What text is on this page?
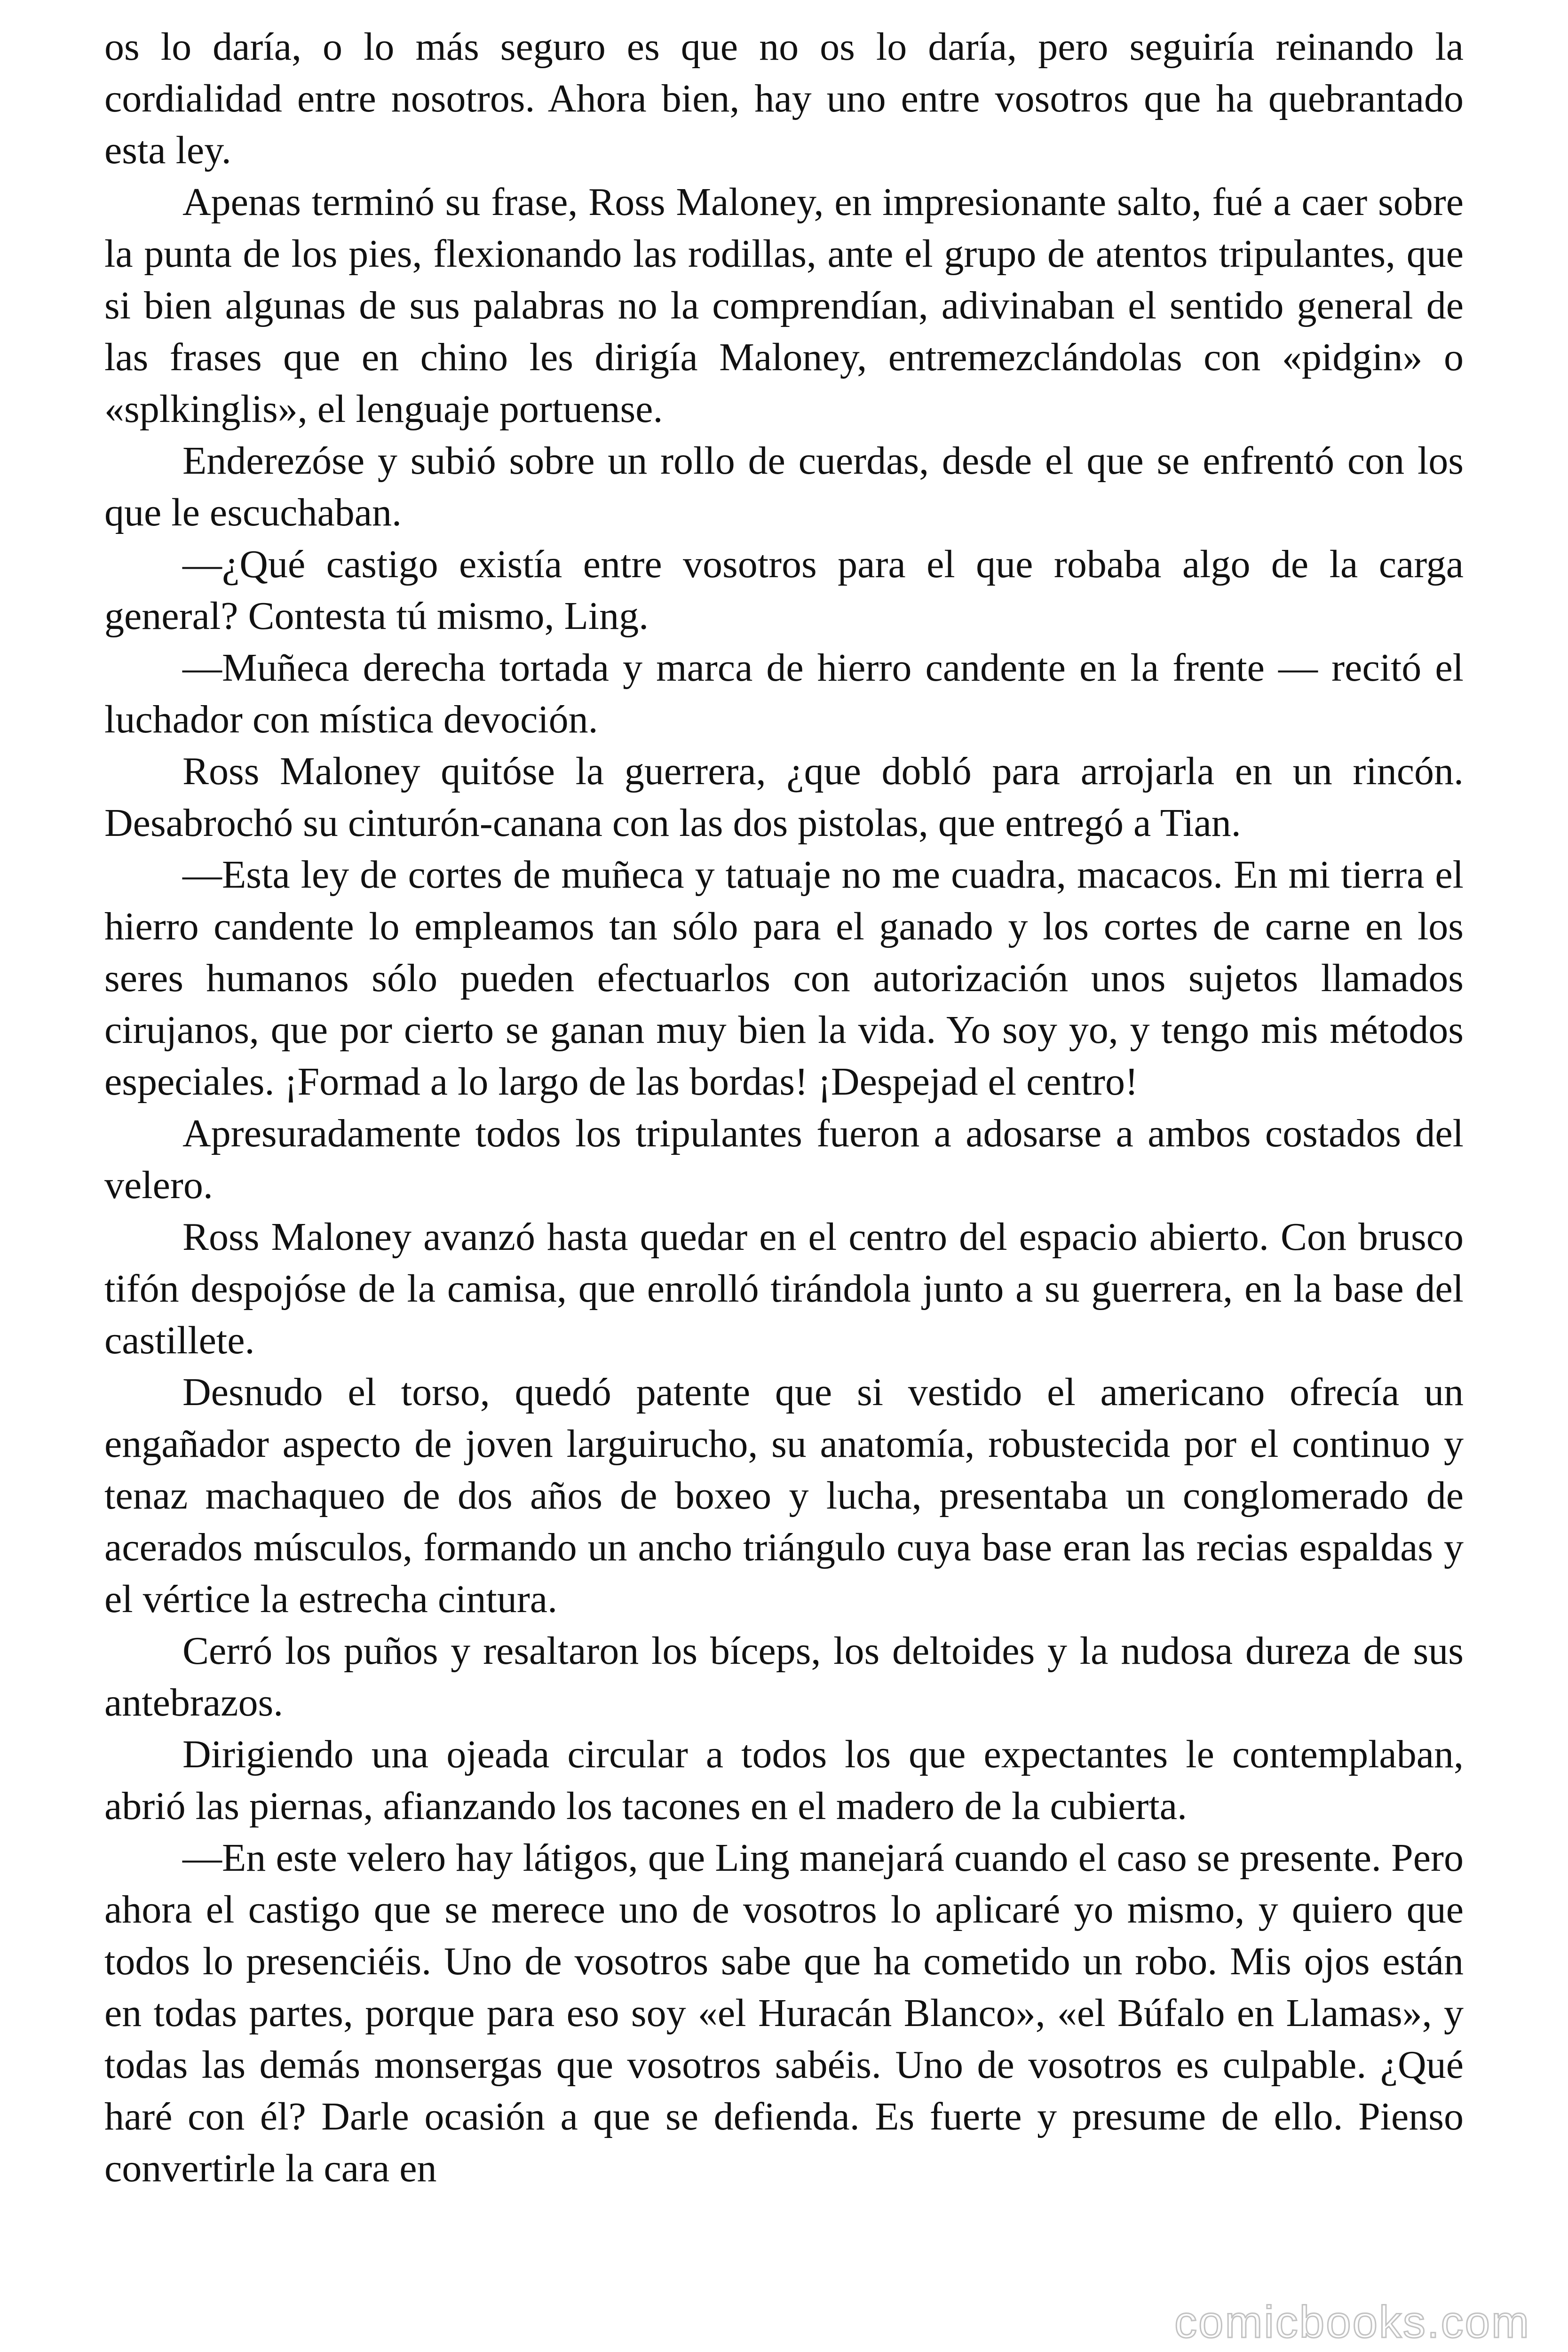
os lo daría, o lo más seguro es que no os lo daría, pero seguiría reinando la cordialidad entre nosotros. Ahora bien, hay uno entre vosotros que ha quebrantado esta ley.

Apenas terminó su frase, Ross Maloney, en impresionante salto, fué a caer sobre la punta de los pies, flexionando las rodillas, ante el grupo de atentos tripulantes, que si bien algunas de sus palabras no la comprendían, adivinaban el sentido general de las frases que en chino les dirigía Maloney, entremezclándolas con «pidgin» o «splkinglis», el lenguaje portuense.

Enderezóse y subió sobre un rollo de cuerdas, desde el que se enfrentó con los que le escuchaban.

—¿Qué castigo existía entre vosotros para el que robaba algo de la carga general? Contesta tú mismo, Ling.

—Muñeca derecha tortada y marca de hierro candente en la frente — recitó el luchador con mística devoción.

Ross Maloney quitóse la guerrera, ¿que dobló para arrojarla en un rincón. Desabrochó su cinturón-canana con las dos pistolas, que entregó a Tian.

—Esta ley de cortes de muñeca y tatuaje no me cuadra, macacos. En mi tierra el hierro candente lo empleamos tan sólo para el ganado y los cortes de carne en los seres humanos sólo pueden efectuarlos con autorización unos sujetos llamados cirujanos, que por cierto se ganan muy bien la vida. Yo soy yo, y tengo mis métodos especiales. ¡Formad a lo largo de las bordas! ¡Despejad el centro!

Apresuradamente todos los tripulantes fueron a adosarse a ambos costados del velero.

Ross Maloney avanzó hasta quedar en el centro del espacio abierto. Con brusco tifón despojóse de la camisa, que enrolló tirándola junto a su guerrera, en la base del castillete.

Desnudo el torso, quedó patente que si vestido el americano ofrecía un engañador aspecto de joven larguirucho, su anatomía, robustecida por el continuo y tenaz machaqueo de dos años de boxeo y lucha, presentaba un conglomerado de acerados músculos, formando un ancho triángulo cuya base eran las recias espaldas y el vértice la estrecha cintura.

Cerró los puños y resaltaron los bíceps, los deltoides y la nudosa dureza de sus antebrazos.

Dirigiendo una ojeada circular a todos los que expectantes le contemplaban, abrió las piernas, afianzando los tacones en el madero de la cubierta.

—En este velero hay látigos, que Ling manejará cuando el caso se presente. Pero ahora el castigo que se merece uno de vosotros lo aplicaré yo mismo, y quiero que todos lo presenciéis. Uno de vosotros sabe que ha cometido un robo. Mis ojos están en todas partes, porque para eso soy «el Huracán Blanco», «el Búfalo en Llamas», y todas las demás monsergas que vosotros sabéis. Uno de vosotros es culpable. ¿Qué haré con él? Darle ocasión a que se defienda. Es fuerte y presume de ello. Pienso convertirle la cara en

comicbooks.com
